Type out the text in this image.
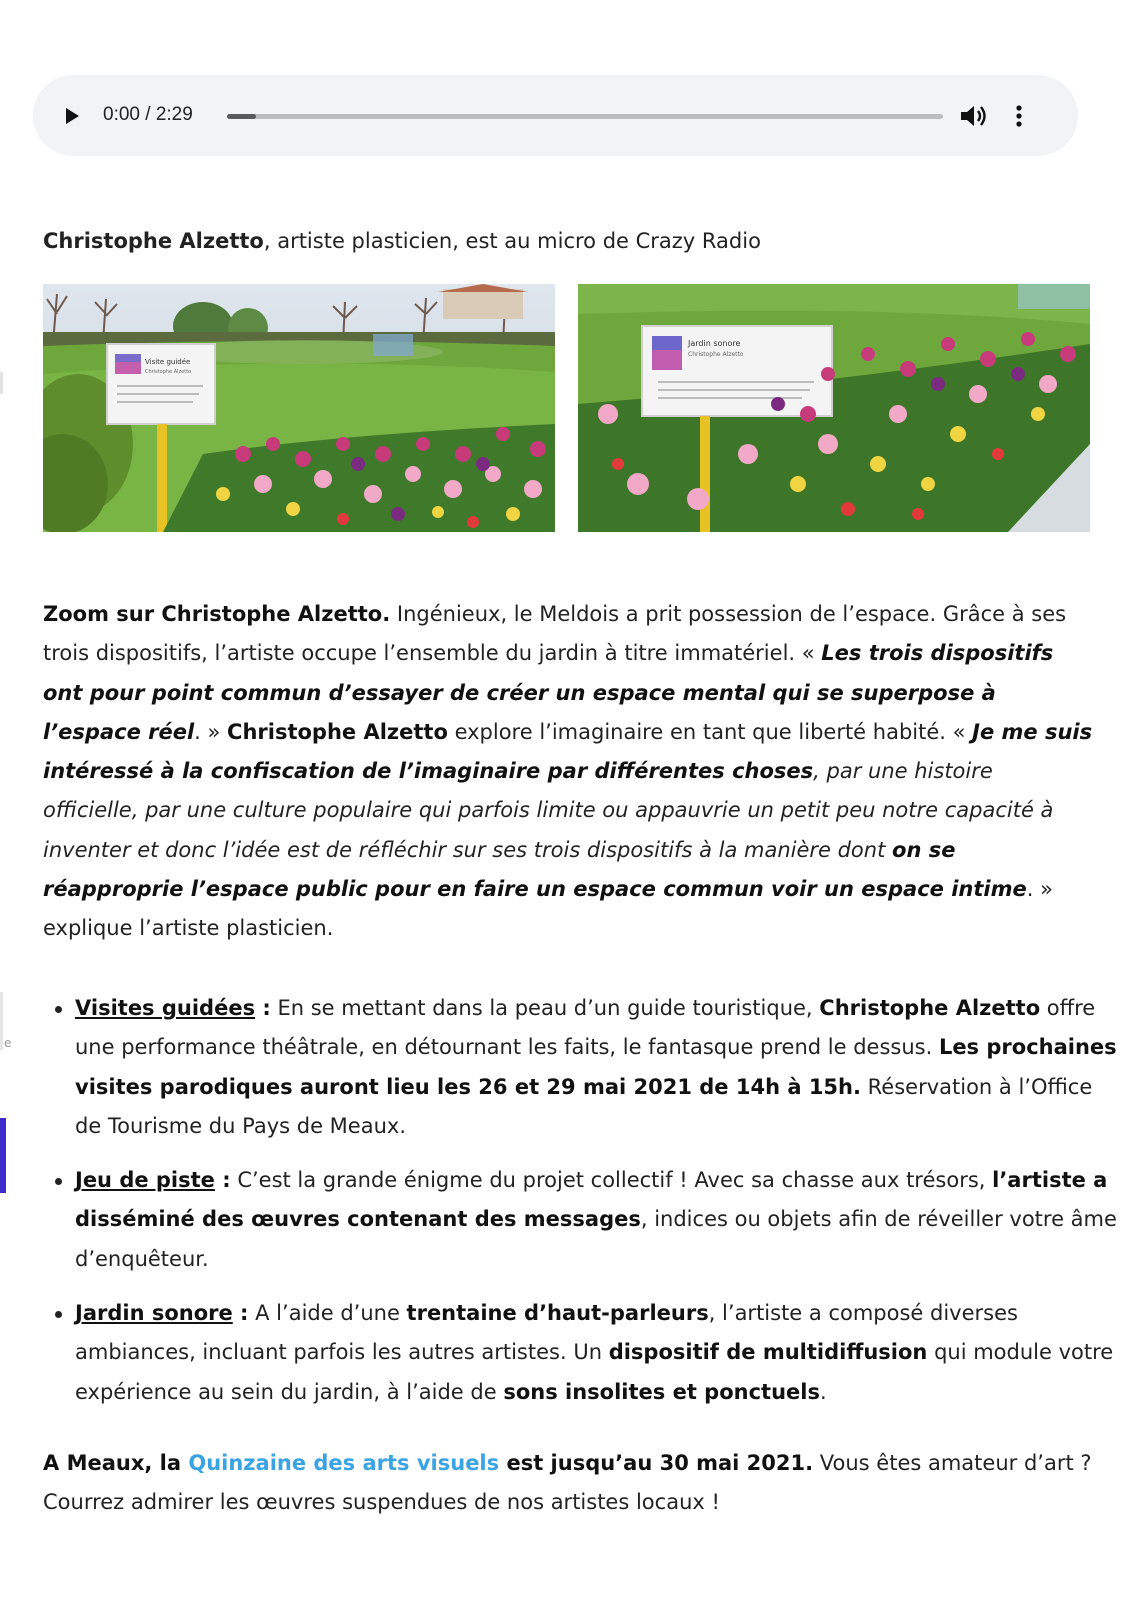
e
0:00 / 2:29
Christophe Alzetto, artiste plasticien, est au micro de Crazy Radio
Visite guidée
Christophe Alzetto
Jardin sonore
Christophe Alzetto

Zoom sur Christophe Alzetto. Ingénieux, le Meldois a prit possession de l’espace. Grâce à ses trois dispositifs, l’artiste occupe l’ensemble du jardin à titre immatériel. « Les trois dispositifs ont pour point commun d’essayer de créer un espace mental qui se superpose à l’espace réel. » Christophe Alzetto explore l’imaginaire en tant que liberté habité. « Je me suis intéressé à la confiscation de l’imaginaire par différentes choses, par une histoire officielle, par une culture populaire qui parfois limite ou appauvrie un petit peu notre capacité à inventer et donc l’idée est de réfléchir sur ses trois dispositifs à la manière dont on se réapproprie l’espace public pour en faire un espace commun voir un espace intime. » explique l’artiste plasticien.

Visites guidées : En se mettant dans la peau d’un guide touristique, Christophe Alzetto offre une performance théâtrale, en détournant les faits, le fantasque prend le dessus. Les prochaines visites parodiques auront lieu les 26 et 29 mai 2021 de 14h à 15h. Réservation à l’Office de Tourisme du Pays de Meaux.
Jeu de piste : C’est la grande énigme du projet collectif ! Avec sa chasse aux trésors, l’artiste a disséminé des œuvres contenant des messages, indices ou objets afin de réveiller votre âme d’enquêteur.
Jardin sonore : A l’aide d’une trentaine d’haut-parleurs, l’artiste a composé diverses ambiances, incluant parfois les autres artistes. Un dispositif de multidiffusion qui module votre expérience au sein du jardin, à l’aide de sons insolites et ponctuels.

A Meaux, la Quinzaine des arts visuels est jusqu’au 30 mai 2021. Vous êtes amateur d’art ? Courrez admirer les œuvres suspendues de nos artistes locaux !
